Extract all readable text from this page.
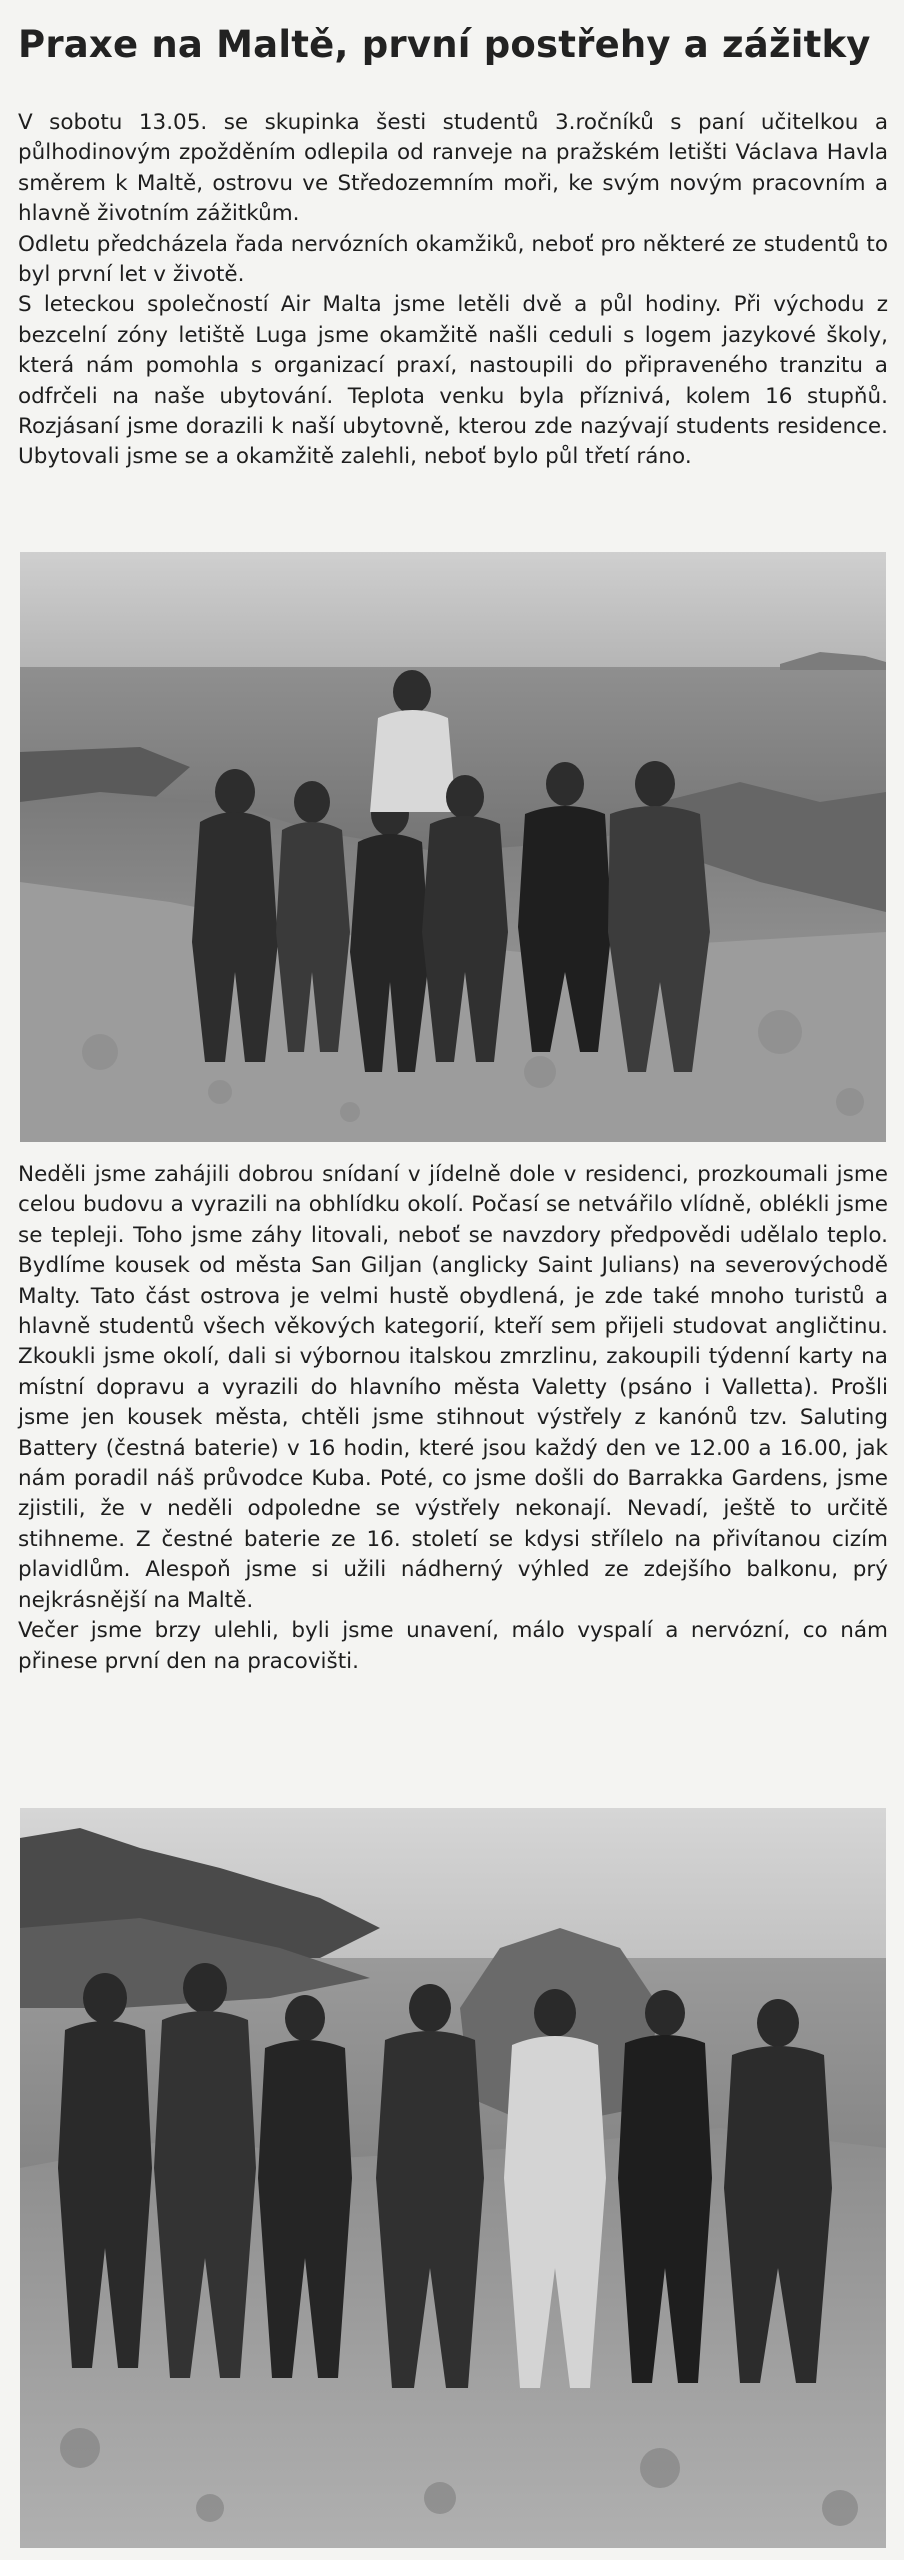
Praxe na Maltě, první postřehy a zážitky

V sobotu 13.05. se skupinka šesti studentů 3.ročníků s paní učitelkou a půlhodinovým zpožděním odlepila od ranveje na pražském letišti Václava Havla směrem k Maltě, ostrovu ve Středozemním moři, ke svým novým pracovním a hlavně životním zážitkům.

Odletu předcházela řada nervózních okamžiků, neboť pro některé ze studentů to byl první let v životě.

S leteckou společností Air Malta jsme letěli dvě a půl hodiny. Při východu z bezcelní zóny letiště Luga jsme okamžitě našli ceduli s logem jazykové školy, která nám pomohla s organizací praxí, nastoupili do připraveného tranzitu a odfrčeli na naše ubytování. Teplota venku byla příznivá, kolem 16 stupňů. Rozjásaní jsme dorazili k naší ubytovně, kterou zde nazývají students residence. Ubytovali jsme se a okamžitě zalehli, neboť bylo půl třetí ráno.

Neděli jsme zahájili dobrou snídaní v jídelně dole v residenci, prozkoumali jsme celou budovu a vyrazili na obhlídku okolí. Počasí se netvářilo vlídně, oblékli jsme se tepleji. Toho jsme záhy litovali, neboť se navzdory předpovědi udělalo teplo. Bydlíme kousek od města San Giljan (anglicky Saint Julians) na severovýchodě Malty. Tato část ostrova je velmi hustě obydlená, je zde také mnoho turistů a hlavně studentů všech věkových kategorií, kteří sem přijeli studovat angličtinu. Zkoukli jsme okolí, dali si výbornou italskou zmrzlinu, zakoupili týdenní karty na místní dopravu a vyrazili do hlavního města Valetty (psáno i Valletta). Prošli jsme jen kousek města, chtěli jsme stihnout výstřely z kanónů tzv. Saluting Battery (čestná baterie) v 16 hodin, které jsou každý den ve 12.00 a 16.00, jak nám poradil náš průvodce Kuba. Poté, co jsme došli do Barrakka Gardens, jsme zjistili, že v neděli odpoledne se výstřely nekonají. Nevadí, ještě to určitě stihneme. Z čestné baterie ze 16. století se kdysi střílelo na přivítanou cizím plavidlům. Alespoň jsme si užili nádherný výhled ze zdejšího balkonu, prý nejkrásnější na Maltě.

Večer jsme brzy ulehli, byli jsme unavení, málo vyspalí a nervózní, co nám přinese první den na pracovišti.
